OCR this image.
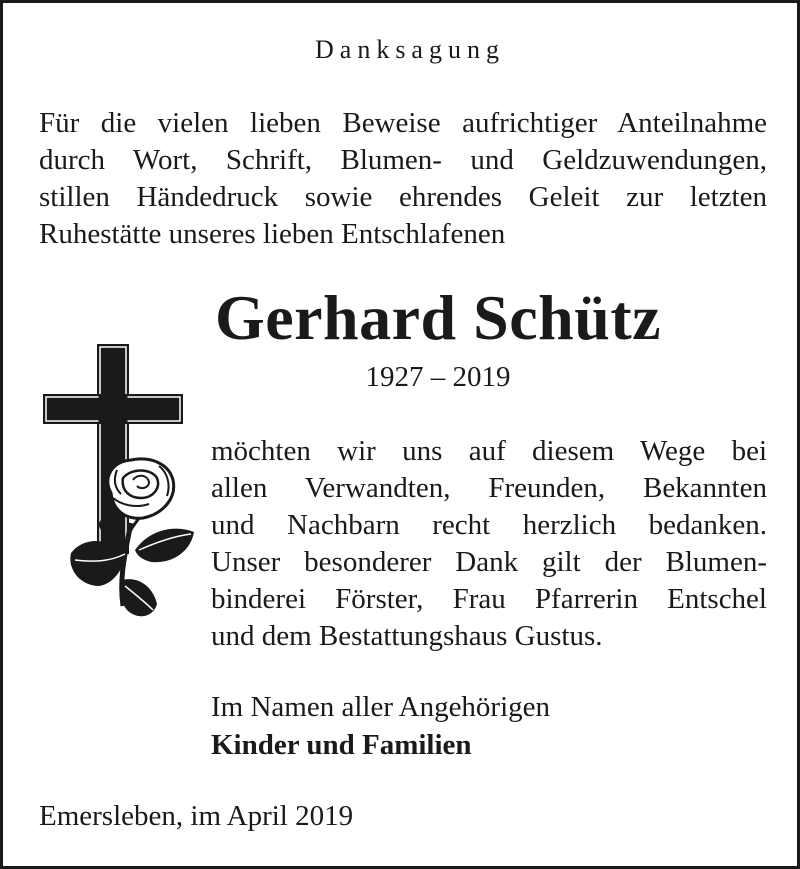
Danksagung
Für die vielen lieben Beweise aufrichtiger Anteilnahme
durch Wort, Schrift, Blumen- und Geldzuwendungen,
stillen Händedruck sowie ehrendes Geleit zur letzten
Ruhestätte unseres lieben Entschlafenen
Gerhard Schütz
1927 – 2019
möchten wir uns auf diesem Wege bei
allen Verwandten, Freunden, Bekannten
und Nachbarn recht herzlich bedanken.
Unser besonderer Dank gilt der Blumen-
binderei Förster, Frau Pfarrerin Entschel
und dem Bestattungshaus Gustus.
Im Namen aller Angehörigen
Kinder und Familien
Emersleben, im April 2019
